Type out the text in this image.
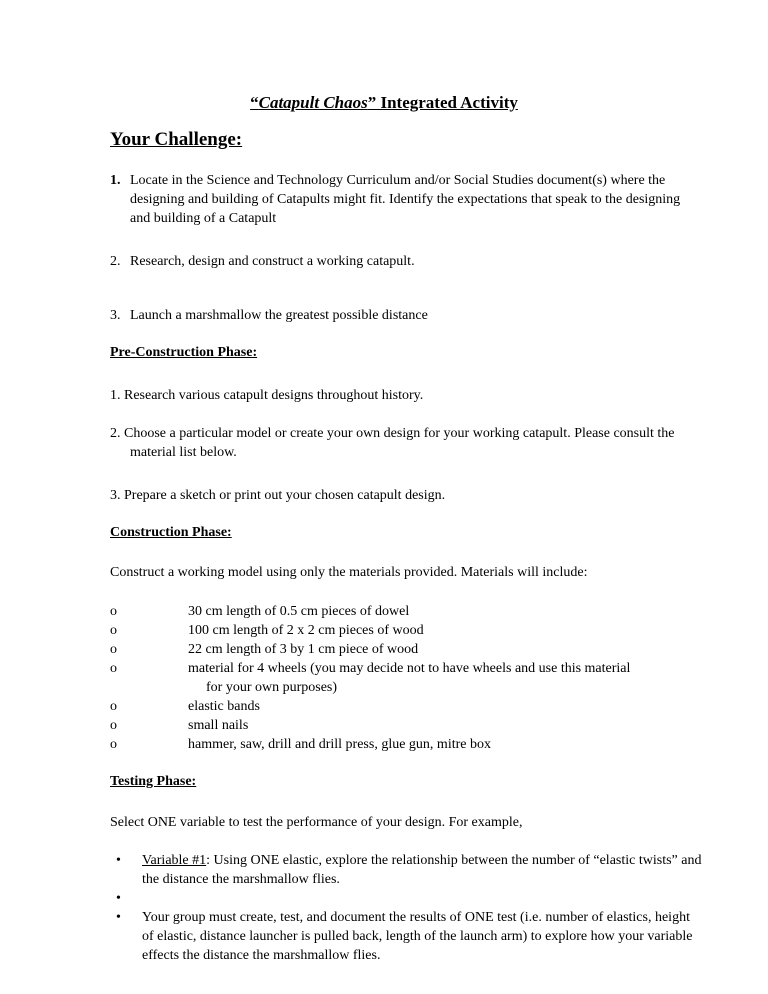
“Catapult Chaos” Integrated Activity
Your Challenge:
1. Locate in the Science and Technology Curriculum and/or Social Studies document(s) where the designing and building of Catapults might fit. Identify the expectations that speak to the designing and building of a Catapult
2. Research, design and construct a working catapult.
3. Launch a marshmallow the greatest possible distance
Pre-Construction Phase:
1. Research various catapult designs throughout history.
2. Choose a particular model or create your own design for your working catapult. Please consult the material list below.
3. Prepare a sketch or print out your chosen catapult design.
Construction Phase:
Construct a working model using only the materials provided. Materials will include:
o	30 cm length of 0.5 cm pieces of dowel
o	100 cm length of 2 x 2 cm pieces of wood
o	22 cm length of 3 by 1 cm piece of wood
o	material for 4 wheels (you may decide not to have wheels and use this material
for your own purposes)
o	elastic bands
o	small nails
o	hammer, saw, drill and drill press, glue gun, mitre box
Testing Phase:
Select ONE variable to test the performance of your design. For example,
• Variable #1: Using ONE elastic, explore the relationship between the number of “elastic twists” and the distance the marshmallow flies.
•
• Your group must create, test, and document the results of ONE test (i.e. number of elastics, height of elastic, distance launcher is pulled back, length of the launch arm) to explore how your variable effects the distance the marshmallow flies.
